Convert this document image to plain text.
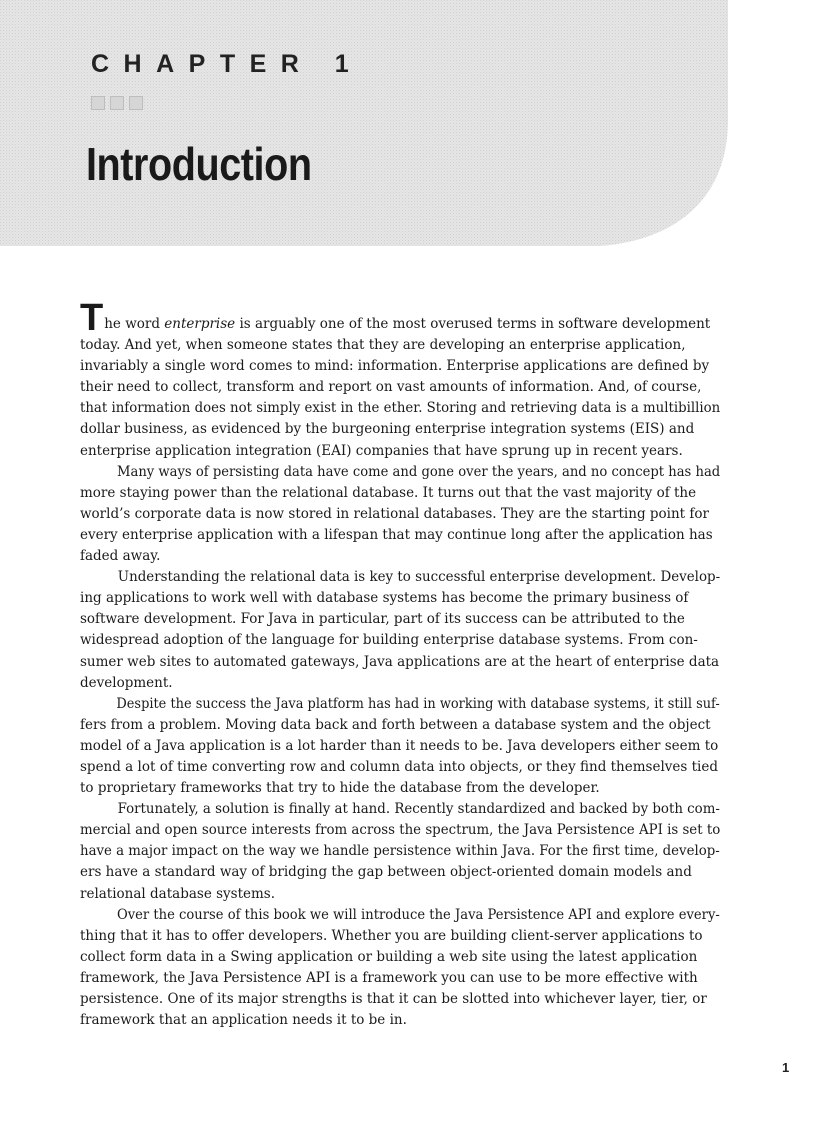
CHAPTER 1
Introduction

The word enterprise is arguably one of the most overused terms in software development
today. And yet, when someone states that they are developing an enterprise application,
invariably a single word comes to mind: information. Enterprise applications are defined by
their need to collect, transform and report on vast amounts of information. And, of course,
that information does not simply exist in the ether. Storing and retrieving data is a multibillion
dollar business, as evidenced by the burgeoning enterprise integration systems (EIS) and
enterprise application integration (EAI) companies that have sprung up in recent years.

Many ways of persisting data have come and gone over the years, and no concept has had
more staying power than the relational database. It turns out that the vast majority of the
world’s corporate data is now stored in relational databases. They are the starting point for
every enterprise application with a lifespan that may continue long after the application has
faded away.

Understanding the relational data is key to successful enterprise development. Develop-
ing applications to work well with database systems has become the primary business of
software development. For Java in particular, part of its success can be attributed to the
widespread adoption of the language for building enterprise database systems. From con-
sumer web sites to automated gateways, Java applications are at the heart of enterprise data
development.

Despite the success the Java platform has had in working with database systems, it still suf-
fers from a problem. Moving data back and forth between a database system and the object
model of a Java application is a lot harder than it needs to be. Java developers either seem to
spend a lot of time converting row and column data into objects, or they find themselves tied
to proprietary frameworks that try to hide the database from the developer.

Fortunately, a solution is finally at hand. Recently standardized and backed by both com-
mercial and open source interests from across the spectrum, the Java Persistence API is set to
have a major impact on the way we handle persistence within Java. For the first time, develop-
ers have a standard way of bridging the gap between object-oriented domain models and
relational database systems.

Over the course of this book we will introduce the Java Persistence API and explore every-
thing that it has to offer developers. Whether you are building client-server applications to
collect form data in a Swing application or building a web site using the latest application
framework, the Java Persistence API is a framework you can use to be more effective with
persistence. One of its major strengths is that it can be slotted into whichever layer, tier, or
framework that an application needs it to be in.

1
